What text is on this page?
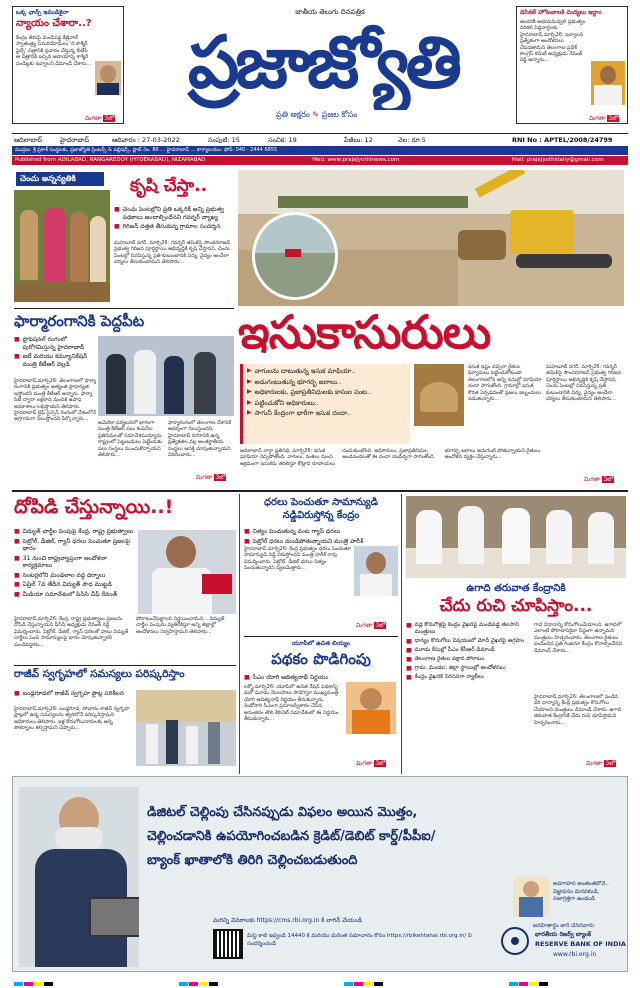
ఒక్క ఛాన్స్ ఇవండికైనా
న్యాయం చేశారా..?
కేంద్రం తీరుపై మండిపడ్డ కేజ్రీవాల్ స్వాతంత్ర్య సమరయోధులు 'ది కాశ్మీర్ ఫైల్స్' చిత్రానికి ప్రచారం చేస్తున్న బీజేపీ ఆ చిత్రానికి ఇచ్చిన ఆదాయాన్ని కాశ్మీరీ పండిట్లకు ఇవ్వాలని డిమాండ్ చేశారు...
మిగతా 3లో
జాతీయ తెలుగు దినపత్రిక
ప్రజాజ్యోతి
ప్రతి అక్షరం ✎ ప్రజల కోసం
డెసికల్ హోటవాలకి మద్యలు ఇద్దాం
అందరికీ అభయమివ్వలి ప్రభుత్వం దిరికలి పెద్దివార్తలకు హైదరాబాద్,మార్చి26: ఇవ్వాలని ప్రత్యేకంగా ఆందోళనలు చేపడతామని తెలంగాణ ప్రదేశ్ కాంగ్రెస్ కమిటీ అధ్యక్షుడు రేవంత్ రెడ్డి అన్నారు...
మిగతా 3లో
ఆదిలాబాద్	హైదరాబాద్	ఆదివారం : 27-03-2022	సంపుటి: 15	సంచిక: 19	పేజీలు: 12	వెల: రూ.5	RNI No : APTEL/2008/24799
ముద్రణ: శ్రీ ప్రకాశ్ సంస్థలకు, ప్రజాజ్యోతి ప్రింటర్స్ & పబ్లిషర్స్, ప్లాట్ నెం. 80 ... హైదరాబాద్ ... కార్యాలయం: ఫోన్: 040 - 2444 6855
Published from ADILABAD, RANGAREDDY (HYDERABAD), NIZAMABAD	Web: www.prajajyothinews.com	Mail: prajajyothidaily@gmail.com
చెంచు అన్నన్యతికి	కృషి చేస్తా..
■ చెంచు పెంటల్లోని ప్రతి ఒక్కరికీ అన్ని ప్రభుత్వ పథకాలు అందాల్సిందేనని గవర్నర్ వ్యాఖ్య
■ గిరిజన్ దత్తత తీసుకున్న గ్రామాల సందర్శన
మహబూబ్ నగర్, మార్చి26: గవర్నర్ తమిళిసై సౌందరరాజన్ ప్రభుత్వ గిరిజన పూర్తిస్థాయి అభివృద్ధికి కృషి చేస్తానని, చెంచు పెంటల్లో నివసిస్తున్న ప్రతి కుటుంబానికి విద్య, వైద్యం అందేలా చర్యలు తీసుకుంటామని తెలిపారు...
ఇసుకాసురులు
▶ వాగులను దాటుతున్న ఇసుక మాఫియా..
▶ అడుగంటుతున్న భూగర్భ జలాలు..
▶ అధికారులకు, ప్రజాప్రతినిధులకు కాసుల పంట..
▶ పట్టించుకోని అధికారులు..
▶ సాగునీ కేంద్రంగా భారీగా ఇసుక దందా..
ఇసుక ఇష్టం వచ్చినా రైతుల ఫిర్యాదులు పట్టించుకోకుండా తెలంగాణలోని అన్ని నదుల్లో మాఫియా దందా సాగుతోంది. గ్రామాల్లో ఇసుక కొరత ఏర్పడడంతో ప్రజలు ఇబ్బందులు పడుతున్నారు...
మహబూబ్ నగర్, మార్చి26: గవర్నర్ తమిళిసై సౌందరరాజన్ ప్రభుత్వ గిరిజన పూర్తిస్థాయి అభివృద్ధికి కృషి చేస్తానని, చెంచు పెంటల్లో నివసిస్తున్న ప్రతి కుటుంబానికి విద్య, వైద్యం అందేలా చర్యలు తీసుకుంటామని తెలిపారు...
ఆదిలాబాద్ వార్తా ప్రతినిధి, మార్చి26: ఇసుక మాఫియా రెచ్చిపోతోంది. వాగులు, వంకలు నుంచి అక్రమంగా ఇసుకను తరలిస్తూ కోట్లాది రూపాయలు దండుకుంటోంది. అధికారులు, ప్రజాప్రతినిధుల అండదండలతో ఈ దందా యథేచ్ఛగా సాగుతోంది. భూగర్భ జలాలు అడుగంటి పోతున్నాయని రైతులు ఆందోళన వ్యక్తం చేస్తున్నారు...
మిగతా 3లో
ఫార్మారంగానికి పెద్దపీట
■ ఫ్రొఫెషనల్ రంగంలో పురోగమిస్తున్న హైదరాబాద్
■ ఐటీ మరియు కమ్యూనికేషన్ మంత్రి కేటీఆర్ వెల్లడి
హైదరాబాద్,మార్చి26: తెలంగాణలో ఫార్మా రంగానికి ప్రభుత్వం అత్యంత ప్రాధాన్యత ఇస్తోందని మంత్రి కేటీఆర్ అన్నారు. ఫార్మా సిటీ ద్వారా లక్షలాది మందికి ఉపాధి అవకాశాలు లభిస్తాయని తెలిపారు. హైదరాబాద్ లైఫ్ సైన్సెస్ రంగంలో దేశంలోనే అగ్రగామిగా నిలుస్తోందని పేర్కొన్నారు...
అమెరికా పర్యటనలో భాగంగా మంత్రి కేటీఆర్ పలు కంపెనీల ప్రతినిధులతో సమావేశమయ్యారు. రాష్ట్రంలో పెట్టుబడులు పెట్టేందుకు పలు సంస్థలు ముందుకొచ్చాయని తెలిపారు...
ఫార్మారంగంలో తెలంగాణ దేశానికే ఆదర్శంగా నిలుస్తుందని, హైదరాబాద్ నగరానికి ఉన్న ప్రత్యేకతల వల్ల అంతర్జాతీయ సంస్థలు ఆసక్తి చూపుతున్నాయని వివరించారు...
మిగతా 3లో
దోపిడి చేస్తున్నాయి..!
■ విద్యుత్ చార్జీల పెంపుపై కేంద్ర, రాష్ట్ర ప్రభుత్వాలు
■ పెట్రోల్, డీజిల్, గ్యాస్ ధరలు పెంచుతూ ప్రజలపై భారం
■ 31 నుంచి రాష్ట్రవ్యాప్తంగా ఆందోళనా కార్యక్రమాలు
■ సెంటర్లలోని మండలాల వద్ద ధర్నాలు
■ ఏప్రిల్ 7వ తేదీన విద్యుత్ సౌధ ముట్టడి
■ మీడియా సమావేశంలో పిసిసి చీఫ్ రేవంత్
హైదరాబాద్,మార్చి26: కేంద్ర, రాష్ట్ర ప్రభుత్వాలు ప్రజలను దోపిడి చేస్తున్నాయని పీసీసీ అధ్యక్షుడు రేవంత్ రెడ్డి విమర్శించారు. పెట్రోల్, డీజిల్, గ్యాస్ ధరలతో పాటు విద్యుత్ చార్జీలు పెంచి సామాన్యులపై భారం మోపుతున్నారని మండిపడ్డారు...
పోరాటంచేపట్టాలని నిర్ణయించామని... విద్యుత్ చార్జీల పెంపును వ్యతిరేకిస్తూ అన్ని జిల్లాల్లో ఆందోళనలు నిర్వహిస్తామని తెలిపారు...
రాజీవ్ స్వగృహలో సమస్యలు పరిష్కరిస్తాం
■ బండ్లగూడలో రాజీవ్ స్వగృహ ఫ్లాట్ల పరిశీలన
హైదరాబాద్,మార్చి26: బండ్లగూడ, పోచారం రాజీవ్ స్వగృహ ప్లాట్లలో ఉన్న సమస్యలను త్వరలోనే పరిష్కరిస్తామని అధికారులు తెలిపారు. ఇళ్ల కొనుగోలుదారులకు అన్ని సౌకర్యాలు కల్పిస్తామని చెప్పారు...
ధరలు పెంచుతూ సామాన్యుడి నడ్డివిరుస్తోన్న కేంద్రం
■ నిత్యం పెంచుతున్న వంట గ్యాస్ ధరలు
■ పెట్రోల్ ధరలు మండిపోతున్నాయని మంత్రి హరీశ్
హైదరాబాద్,మార్చి26: కేంద్ర ప్రభుత్వం ధరలు పెంచుతూ సామాన్యుడి నడ్డి విరుస్తోందని మంత్రి హరీశ్ రావు విమర్శించారు. పెట్రోల్, డీజిల్ ధరలు నిత్యం పెంచుతున్నారని ధ్వజమెత్తారు...
మిగతా 3లో
యూపీలో ఉచిత బియ్యం
పథకం పొడిగింపు
■ సీఎం యోగి ఆదిత్యనాథ్ నిర్ణయం
లక్నో,మార్చి26: యూపీలో ఉచిత రేషన్ పథకాన్ని మరో మూడు నెలలపాటు పొడిగిస్తూ ముఖ్యమంత్రి యోగి ఆదిత్యనాథ్ నిర్ణయం తీసుకున్నారు. రెండోసారి సీఎంగా ప్రమాణస్వీకారం చేసిన అనంతరం తొలి కేబినెట్ సమావేశంలో ఈ నిర్ణయం తీసుకున్నారు...
మిగతా 3లో
ఉగాది తరువాత కేంద్రానికి
చేదు రుచి చూపిస్తాం...
■ వడ్ల కొనుగోళ్లపై కేంద్రం వైఖరిపై మండిపడ్డ తలసాని మంత్రులు
■ ధాన్యం కొనుగోలు విషయంలో మోదీ వైఖరిపై ఆగ్రహం
■ మూడు కేసుల్లో సీఎం కేసీఆర్ డిమాండ్
■ తెలంగాణ రైతుల పక్షాన పోరాటం
■ గ్రామ, మండల, జిల్లా స్థాయిల్లో ఆందోళనలు
■ కేంద్రం వైఖరికి నిరసనగా ర్యాలీలు
గాడ విధానాన్ని కొనుగోలుచేయాలని, ఉగాదిలో ఎలాంటి పోరాటానికైనా సిద్దంగా ఉన్నామని మంత్రులు హెచ్చరించారు. తెలంగాణ రైతులు పండించిన ప్రతి గింజనూ కేంద్రం కొనాల్సిందేనని డిమాండ్ చేశారు...
హైదరాబాద్,మార్చి26: తెలంగాణలో పండిన వరి ధాన్యాన్ని కేంద్ర ప్రభుత్వం కొనుగోలు చేయాలని మంత్రులు డిమాండ్ చేశారు. ఉగాది తరువాత కేంద్రానికి చేదు రుచి చూపిస్తామని హెచ్చరించారు...
మిగతా 3లో
డిజిటల్ చెల్లింపు చేసినప్పుడు విఫలం అయిన మొత్తం,
చెల్లించడానికి ఉపయోగించబడిన క్రెడిట్/డెబిట్ కార్డ్/పీపీఐ/
బ్యాంక్ ఖాతాలోకి తిరిగి చెల్లించబడుతుంది
మరిన్ని వివరాలకు https://cms.rbi.org.in కి లాగిన్ చేయండి
మిస్డ్ కాల్ ఇవ్వండి 14440 కి మరియు మరింత సమాచారం కోసం https://rbikehtahai.rbi.org.in/ ని సందర్శించండి
అవగాహన అంతంతలోనే.. విజ్ఞాపనం మరవకండి, సజాగ్రత్తగా ఉండండి
జనహితార్థం జారీ చేసినవారు
భారతీయ రిజర్వ్ బ్యాంక్
RESERVE BANK OF INDIA
www.rbi.org.in
